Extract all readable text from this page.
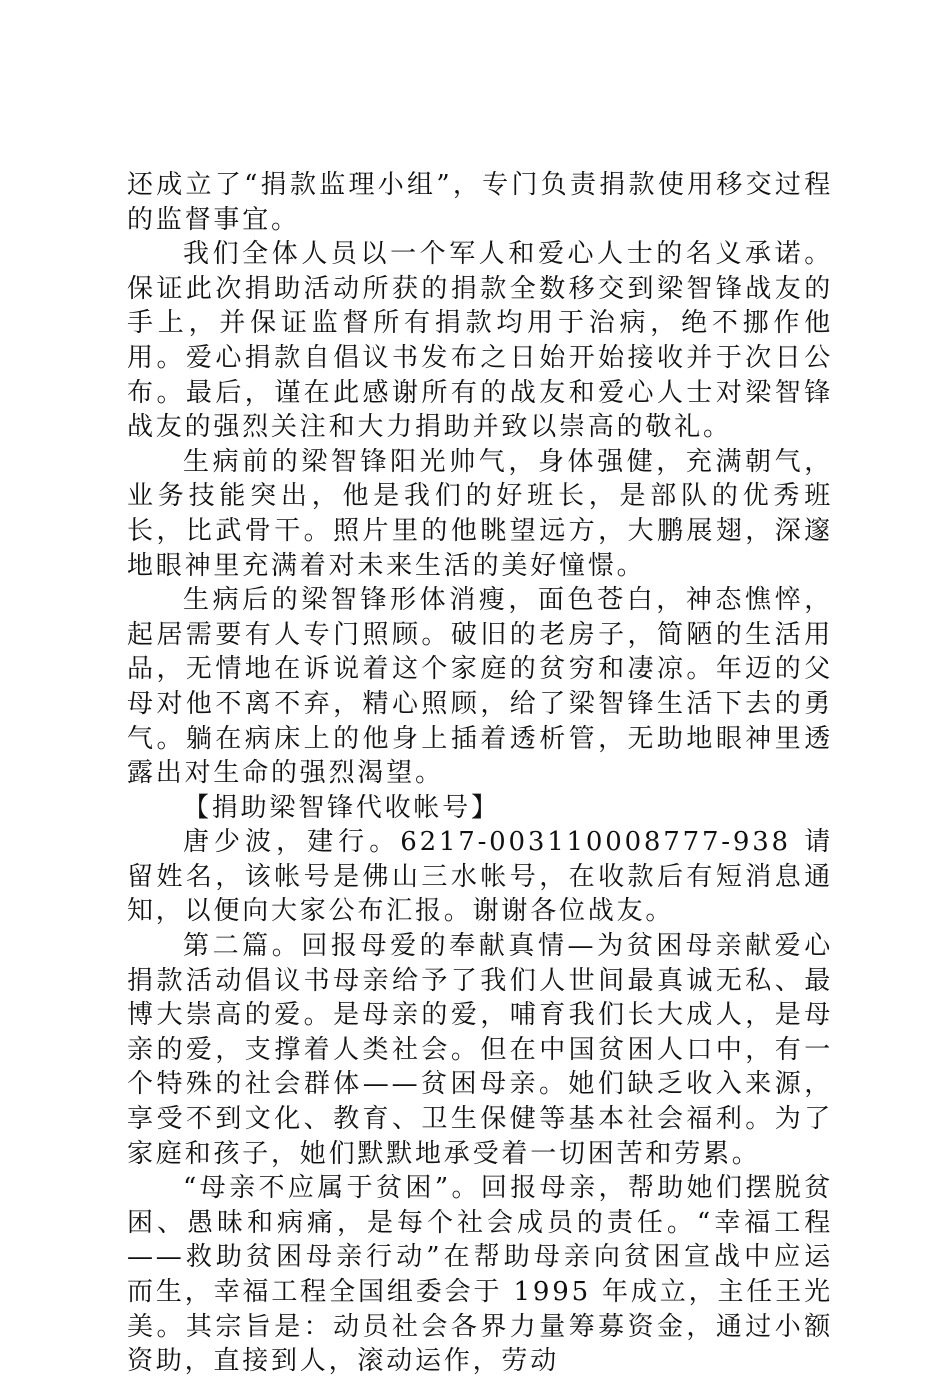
还成立了“捐款监理小组”，专门负责捐款使用移交过程的监督事宜。

我们全体人员以一个军人和爱心人士的名义承诺。保证此次捐助活动所获的捐款全数移交到梁智锋战友的手上，并保证监督所有捐款均用于治病，绝不挪作他用。爱心捐款自倡议书发布之日始开始接收并于次日公布。最后，谨在此感谢所有的战友和爱心人士对梁智锋战友的强烈关注和大力捐助并致以崇高的敬礼。

生病前的梁智锋阳光帅气，身体强健，充满朝气，业务技能突出，他是我们的好班长，是部队的优秀班长，比武骨干。照片里的他眺望远方，大鹏展翅，深邃地眼神里充满着对未来生活的美好憧憬。

生病后的梁智锋形体消瘦，面色苍白，神态憔悴，起居需要有人专门照顾。破旧的老房子，简陋的生活用品，无情地在诉说着这个家庭的贫穷和凄凉。年迈的父母对他不离不弃，精心照顾，给了梁智锋生活下去的勇气。躺在病床上的他身上插着透析管，无助地眼神里透露出对生命的强烈渴望。

【捐助梁智锋代收帐号】

唐少波，建行。6217-003110008777-938 请留姓名，该帐号是佛山三水帐号，在收款后有短消息通知，以便向大家公布汇报。谢谢各位战友。

第二篇。回报母爱的奉献真情—为贫困母亲献爱心捐款活动倡议书母亲给予了我们人世间最真诚无私、最博大崇高的爱。是母亲的爱，哺育我们长大成人，是母亲的爱，支撑着人类社会。但在中国贫困人口中，有一个特殊的社会群体——贫困母亲。她们缺乏收入来源，享受不到文化、教育、卫生保健等基本社会福利。为了家庭和孩子，她们默默地承受着一切困苦和劳累。

“母亲不应属于贫困”。回报母亲，帮助她们摆脱贫困、愚昧和病痛，是每个社会成员的责任。“幸福工程——救助贫困母亲行动”在帮助母亲向贫困宣战中应运而生，幸福工程全国组委会于 1995 年成立，主任王光美。其宗旨是：动员社会各界力量筹募资金，通过小额资助，直接到人，滚动运作，劳动
